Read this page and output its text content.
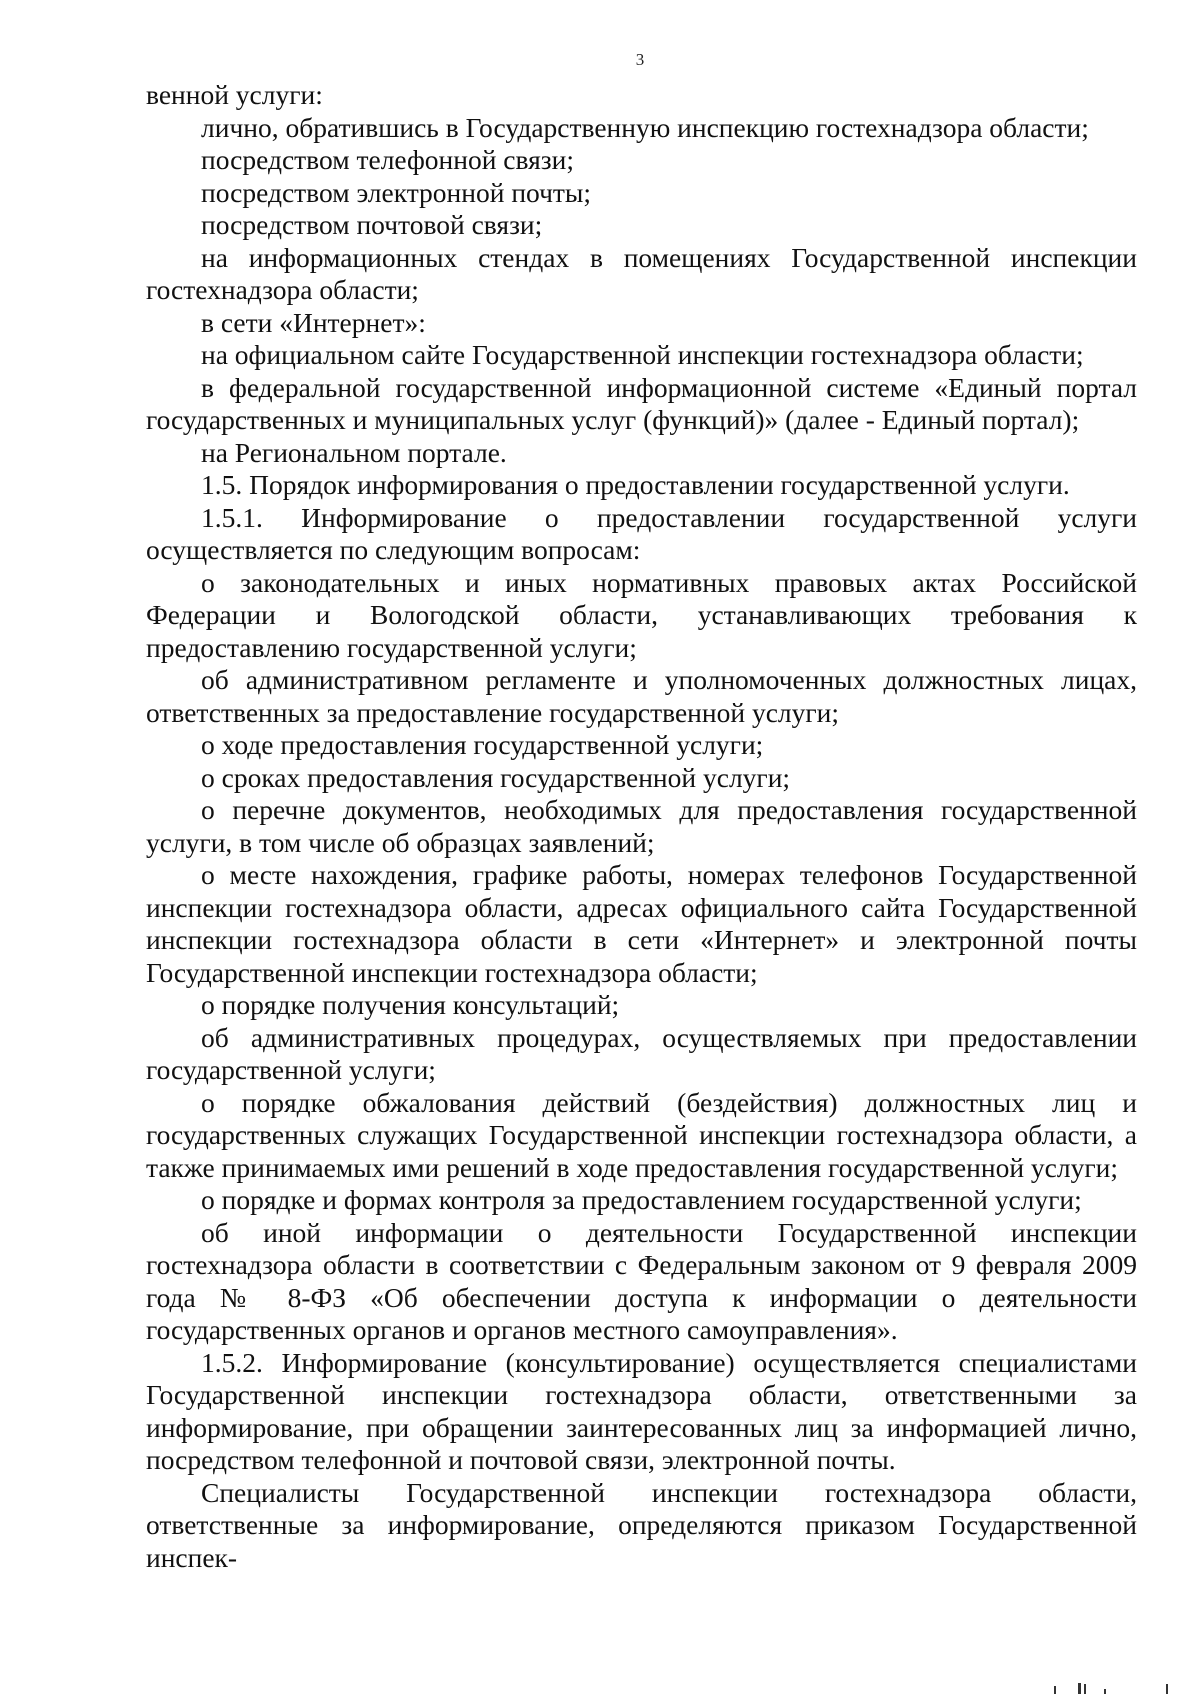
3

венной услуги:

лично, обратившись в Государственную инспекцию гостехнадзора области;

посредством телефонной связи;

посредством электронной почты;

посредством почтовой связи;

на информационных стендах в помещениях Государственной инспекции гостехнадзора области;

в сети «Интернет»:

на официальном сайте Государственной инспекции гостехнадзора области;

в федеральной государственной информационной системе «Единый портал государственных и муниципальных услуг (функций)» (далее - Единый портал);

на Региональном портале.

1.5. Порядок информирования о предоставлении государственной услуги.

1.5.1. Информирование о предоставлении государственной услуги осуществляется по следующим вопросам:

о законодательных и иных нормативных правовых актах Российской Федерации и Вологодской области, устанавливающих требования к предоставлению государственной услуги;

об административном регламенте и уполномоченных должностных лицах, ответственных за предоставление государственной услуги;

о ходе предоставления государственной услуги;

о сроках предоставления государственной услуги;

о перечне документов, необходимых для предоставления государственной услуги, в том числе об образцах заявлений;

о месте нахождения, графике работы, номерах телефонов Государственной инспекции гостехнадзора области, адресах официального сайта Государственной инспекции гостехнадзора области в сети «Интернет» и электронной почты Государственной инспекции гостехнадзора области;

о порядке получения консультаций;

об административных процедурах, осуществляемых при предоставлении государственной услуги;

о порядке обжалования действий (бездействия) должностных лиц и государственных служащих Государственной инспекции гостехнадзора области, а также принимаемых ими решений в ходе предоставления государственной услуги;

о порядке и формах контроля за предоставлением государственной услуги;

об иной информации о деятельности Государственной инспекции гостехнадзора области в соответствии с Федеральным законом от 9 февраля 2009 года № 8-ФЗ «Об обеспечении доступа к информации о деятельности государственных органов и органов местного самоуправления».

1.5.2. Информирование (консультирование) осуществляется специалистами Государственной инспекции гостехнадзора области, ответственными за информирование, при обращении заинтересованных лиц за информацией лично, посредством телефонной и почтовой связи, электронной почты.

Специалисты Государственной инспекции гостехнадзора области, ответственные за информирование, определяются приказом Государственной инспек-
